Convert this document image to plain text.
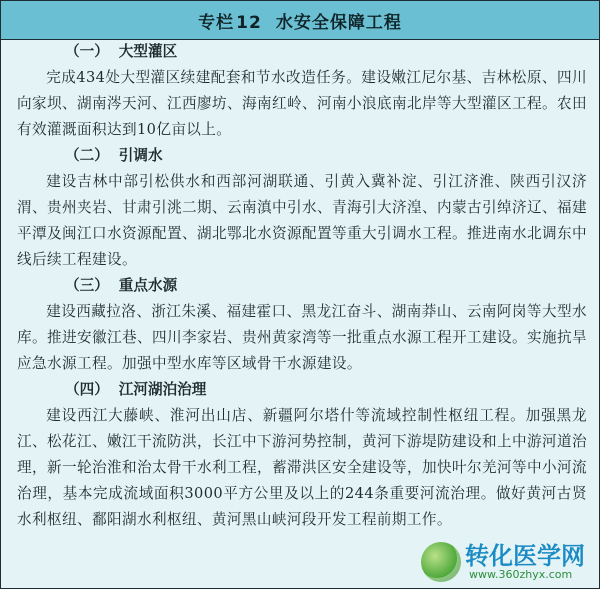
专栏 12 水安全保障工程
（一） 大型灌区
完成434处大型灌区续建配套和节水改造任务。建设嫩江尼尔基、吉林松原、四川向家坝、湖南涔天河、江西廖坊、海南红岭、河南小浪底南北岸等大型灌区工程。农田有效灌溉面积达到10亿亩以上。
（二） 引调水
建设吉林中部引松供水和西部河湖联通、引黄入冀补淀、引江济淮、陕西引汉济渭、贵州夹岩、甘肃引洮二期、云南滇中引水、青海引大济湟、内蒙古引绰济辽、福建平潭及闽江口水资源配置、湖北鄂北水资源配置等重大引调水工程。推进南水北调东中线后续工程建设。
（三） 重点水源
建设西藏拉洛、浙江朱溪、福建霍口、黑龙江奋斗、湖南莽山、云南阿岗等大型水库。推进安徽江巷、四川李家岩、贵州黄家湾等一批重点水源工程开工建设。实施抗旱应急水源工程。加强中型水库等区域骨干水源建设。
（四） 江河湖泊治理
建设西江大藤峡、淮河出山店、新疆阿尔塔什等流域控制性枢纽工程。加强黑龙江、松花江、嫩江干流防洪，长江中下游河势控制，黄河下游堤防建设和上中游河道治理，新一轮治淮和治太骨干水利工程，蓄滞洪区安全建设等，加快叶尔羌河等中小河流治理，基本完成流域面积3000平方公里及以上的244条重要河流治理。做好黄河古贤水利枢纽、鄱阳湖水利枢纽、黄河黑山峡河段开发工程前期工作。
转化医学网
www.360zhyx.com
